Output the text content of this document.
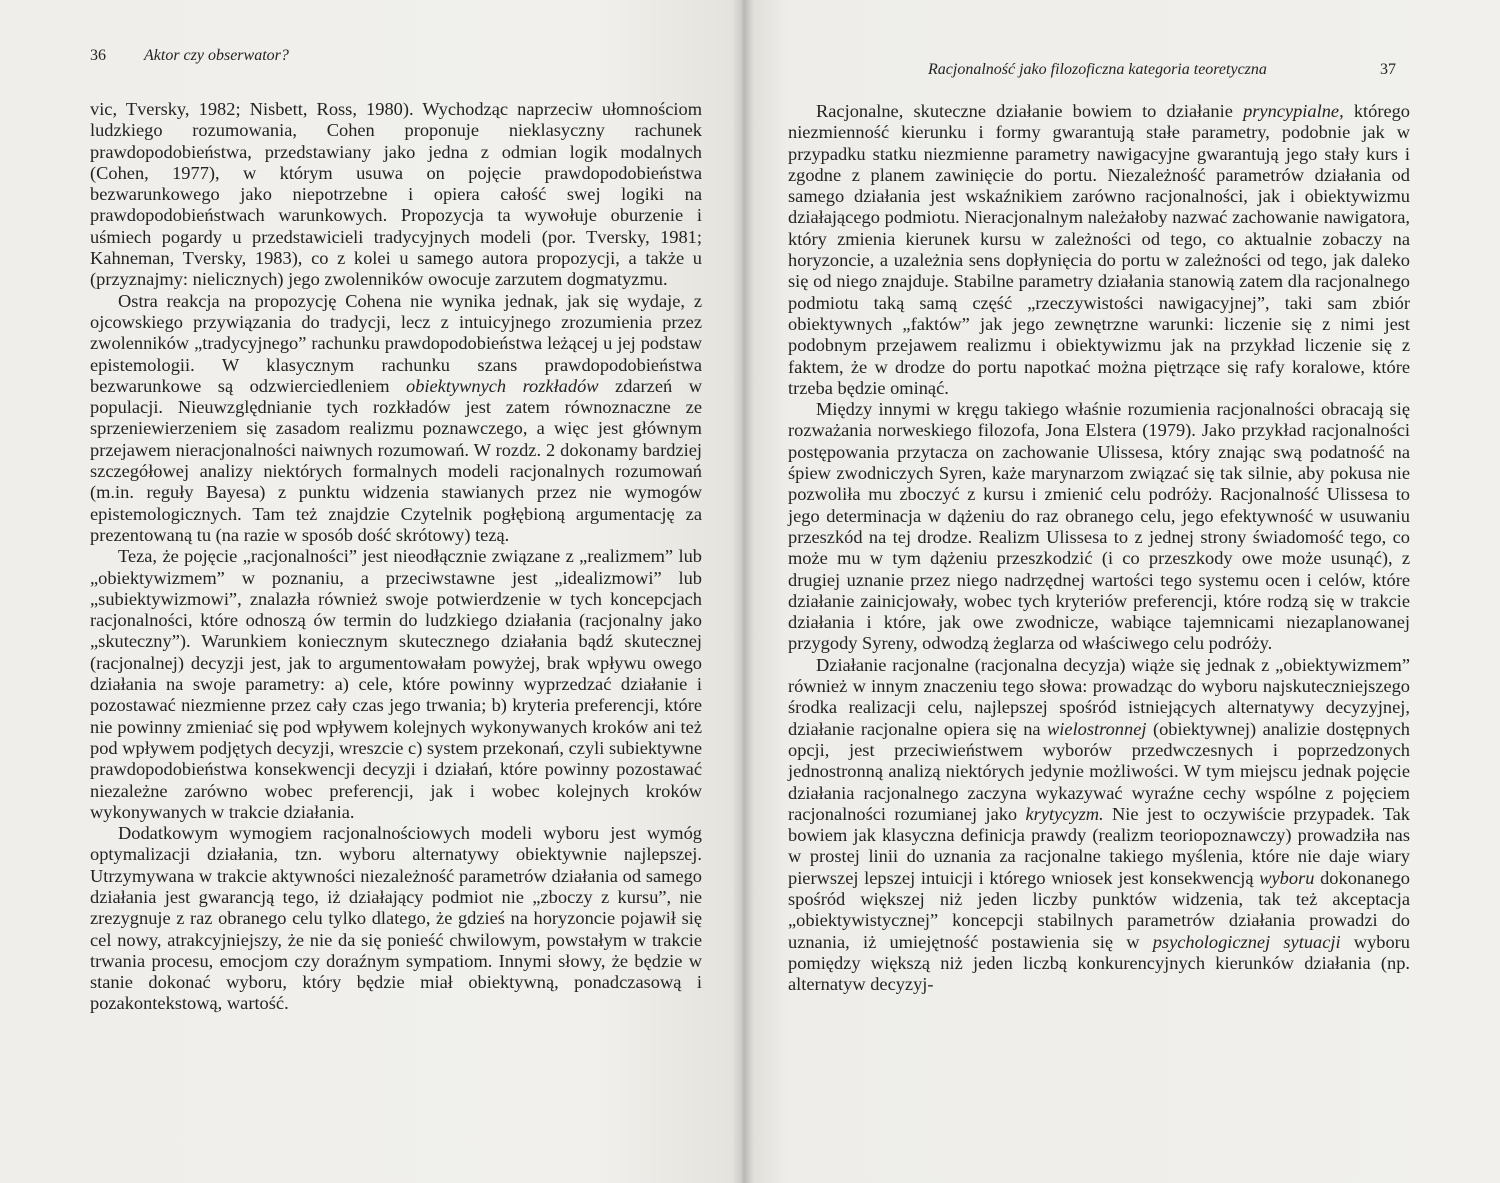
36 Aktor czy obserwator?

vic, Tversky, 1982; Nisbett, Ross, 1980). Wychodząc naprzeciw ułomnościom ludzkiego rozumowania, Cohen proponuje nieklasyczny rachunek prawdopodobieństwa, przedstawiany jako jedna z odmian logik modalnych (Cohen, 1977), w którym usuwa on pojęcie prawdopodobieństwa bezwarunkowego jako niepotrzebne i opiera całość swej logiki na prawdopodobieństwach warunkowych. Propozycja ta wywołuje oburzenie i uśmiech pogardy u przedstawicieli tradycyjnych modeli (por. Tversky, 1981; Kahneman, Tversky, 1983), co z kolei u samego autora propozycji, a także u (przyznajmy: nielicznych) jego zwolenników owocuje zarzutem dogmatyzmu.

Ostra reakcja na propozycję Cohena nie wynika jednak, jak się wydaje, z ojcowskiego przywiązania do tradycji, lecz z intuicyjnego zrozumienia przez zwolenników „tradycyjnego” rachunku prawdopodobieństwa leżącej u jej podstaw epistemologii. W klasycznym rachunku szans prawdopodobieństwa bezwarunkowe są odzwierciedleniem obiektywnych rozkładów zdarzeń w populacji. Nieuwzględnianie tych rozkładów jest zatem równoznaczne ze sprzeniewierzeniem się zasadom realizmu poznawczego, a więc jest głównym przejawem nieracjonalności naiwnych rozumowań. W rozdz. 2 dokonamy bardziej szczegółowej analizy niektórych formalnych modeli racjonalnych rozumowań (m.in. reguły Bayesa) z punktu widzenia stawianych przez nie wymogów epistemologicznych. Tam też znajdzie Czytelnik pogłębioną argumentację za prezentowaną tu (na razie w sposób dość skrótowy) tezą.

Teza, że pojęcie „racjonalności” jest nieodłącznie związane z „realizmem” lub „obiektywizmem” w poznaniu, a przeciwstawne jest „idealizmowi” lub „subiektywizmowi”, znalazła również swoje potwierdzenie w tych koncepcjach racjonalności, które odnoszą ów termin do ludzkiego działania (racjonalny jako „skuteczny”). Warunkiem koniecznym skutecznego działania bądź skutecznej (racjonalnej) decyzji jest, jak to argumentowałam powyżej, brak wpływu owego działania na swoje parametry: a) cele, które powinny wyprzedzać działanie i pozostawać niezmienne przez cały czas jego trwania; b) kryteria preferencji, które nie powinny zmieniać się pod wpływem kolejnych wykonywanych kroków ani też pod wpływem podjętych decyzji, wreszcie c) system przekonań, czyli subiektywne prawdopodobieństwa konsekwencji decyzji i działań, które powinny pozostawać niezależne zarówno wobec preferencji, jak i wobec kolejnych kroków wykonywanych w trakcie działania.

Dodatkowym wymogiem racjonalnościowych modeli wyboru jest wymóg optymalizacji działania, tzn. wyboru alternatywy obiektywnie najlepszej. Utrzymywana w trakcie aktywności niezależność parametrów działania od samego działania jest gwarancją tego, iż działający podmiot nie „zboczy z kursu”, nie zrezygnuje z raz obranego celu tylko dlatego, że gdzieś na horyzoncie pojawił się cel nowy, atrakcyjniejszy, że nie da się ponieść chwilowym, powstałym w trakcie trwania procesu, emocjom czy doraźnym sympatiom. Innymi słowy, że będzie w stanie dokonać wyboru, który będzie miał obiektywną, ponadczasową i pozakontekstową, wartość.

Racjonalność jako filozoficzna kategoria teoretyczna	37

Racjonalne, skuteczne działanie bowiem to działanie pryncypialne, którego niezmienność kierunku i formy gwarantują stałe parametry, podobnie jak w przypadku statku niezmienne parametry nawigacyjne gwarantują jego stały kurs i zgodne z planem zawinięcie do portu. Niezależność parametrów działania od samego działania jest wskaźnikiem zarówno racjonalności, jak i obiektywizmu działającego podmiotu. Nieracjonalnym należałoby nazwać zachowanie nawigatora, który zmienia kierunek kursu w zależności od tego, co aktualnie zobaczy na horyzoncie, a uzależnia sens dopłynięcia do portu w zależności od tego, jak daleko się od niego znajduje. Stabilne parametry działania stanowią zatem dla racjonalnego podmiotu taką samą część „rzeczywistości nawigacyjnej”, taki sam zbiór obiektywnych „faktów” jak jego zewnętrzne warunki: liczenie się z nimi jest podobnym przejawem realizmu i obiektywizmu jak na przykład liczenie się z faktem, że w drodze do portu napotkać można piętrzące się rafy koralowe, które trzeba będzie ominąć.

Między innymi w kręgu takiego właśnie rozumienia racjonalności obracają się rozważania norweskiego filozofa, Jona Elstera (1979). Jako przykład racjonalności postępowania przytacza on zachowanie Ulissesa, który znając swą podatność na śpiew zwodniczych Syren, każe marynarzom związać się tak silnie, aby pokusa nie pozwoliła mu zboczyć z kursu i zmienić celu podróży. Racjonalność Ulissesa to jego determinacja w dążeniu do raz obranego celu, jego efektywność w usuwaniu przeszkód na tej drodze. Realizm Ulissesa to z jednej strony świadomość tego, co może mu w tym dążeniu przeszkodzić (i co przeszkody owe może usunąć), z drugiej uznanie przez niego nadrzędnej wartości tego systemu ocen i celów, które działanie zainicjowały, wobec tych kryteriów preferencji, które rodzą się w trakcie działania i które, jak owe zwodnicze, wabiące tajemnicami niezaplanowanej przygody Syreny, odwodzą żeglarza od właściwego celu podróży.

Działanie racjonalne (racjonalna decyzja) wiąże się jednak z „obiektywizmem” również w innym znaczeniu tego słowa: prowadząc do wyboru najskuteczniejszego środka realizacji celu, najlepszej spośród istniejących alternatywy decyzyjnej, działanie racjonalne opiera się na wielostronnej (obiektywnej) analizie dostępnych opcji, jest przeciwieństwem wyborów przedwczesnych i poprzedzonych jednostronną analizą niektórych jedynie możliwości. W tym miejscu jednak pojęcie działania racjonalnego zaczyna wykazywać wyraźne cechy wspólne z pojęciem racjonalności rozumianej jako krytycyzm. Nie jest to oczywiście przypadek. Tak bowiem jak klasyczna definicja prawdy (realizm teoriopoznawczy) prowadziła nas w prostej linii do uznania za racjonalne takiego myślenia, które nie daje wiary pierwszej lepszej intuicji i którego wniosek jest konsekwencją wyboru dokonanego spośród większej niż jeden liczby punktów widzenia, tak też akceptacja „obiektywistycznej” koncepcji stabilnych parametrów działania prowadzi do uznania, iż umiejętność postawienia się w psychologicznej sytuacji wyboru pomiędzy większą niż jeden liczbą konkurencyjnych kierunków działania (np. alternatyw decyzyj-
